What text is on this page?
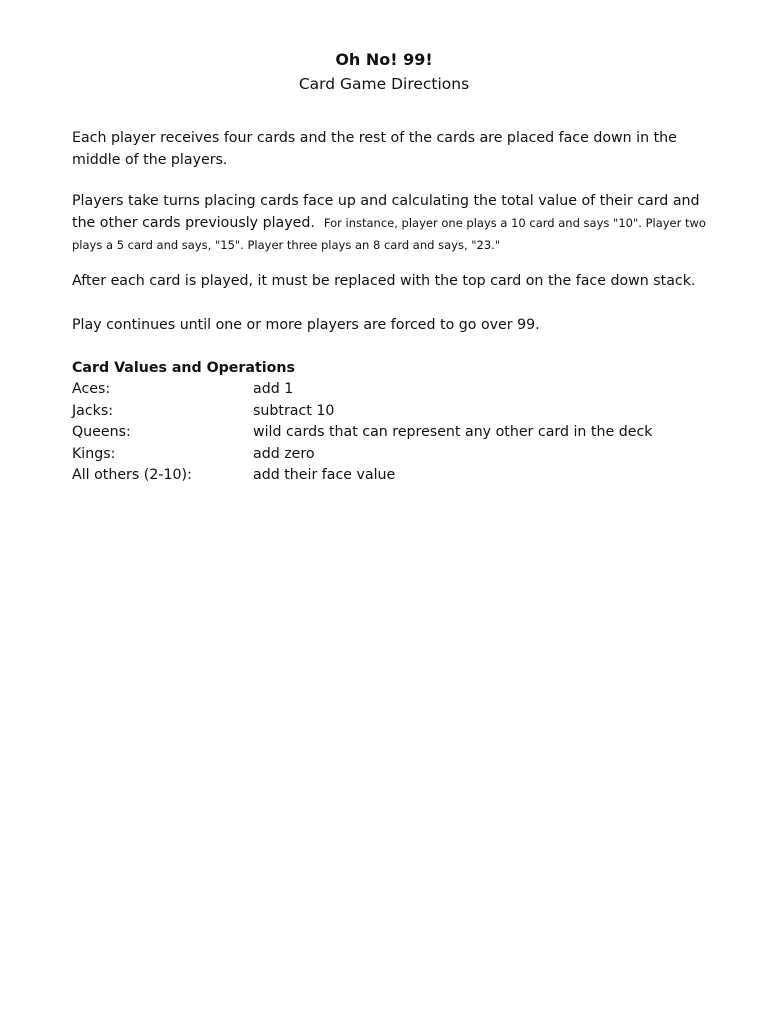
Oh No! 99!
Card Game Directions

Each player receives four cards and the rest of the cards are placed face down in the middle of the players.

Players take turns placing cards face up and calculating the total value of their card and the other cards previously played. For instance, player one plays a 10 card and says "10". Player two plays a 5 card and says, "15". Player three plays an 8 card and says, "23."

After each card is played, it must be replaced with the top card on the face down stack.

Play continues until one or more players are forced to go over 99.

Card Values and Operations
Aces:	add 1
Jacks:	subtract 10
Queens:	wild cards that can represent any other card in the deck
Kings:	add zero
All others (2-10):	add their face value
